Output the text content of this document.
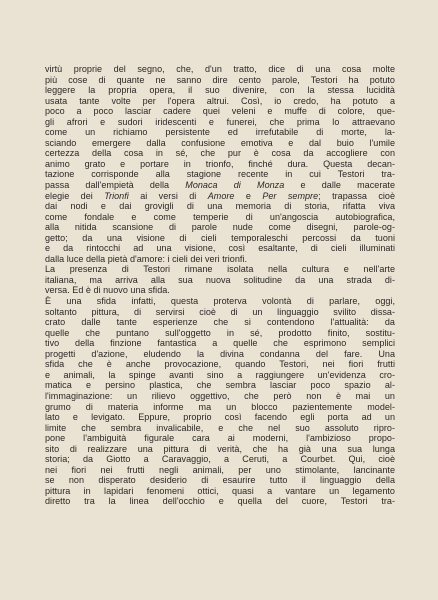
virtù proprie del segno, che, d'un tratto, dice di una cosa molte
più cose di quante ne sanno dire cento parole, Testori ha potuto
leggere la propria opera, il suo divenire, con la stessa lucidità
usata tante volte per l'opera altrui. Così, io credo, ha potuto a
poco a poco lasciar cadere quei veleni e muffe di colore, que-
gli afrori e sudori iridescenti e funerei, che prima lo attraevano
come un richiamo persistente ed irrefutabile di morte, la-
sciando emergere dalla confusione emotiva e dal buio l'umile
certezza della cosa in sé, che pur è cosa da accogliere con
animo grato e portare in trionfo, finché dura. Questa decan-
tazione corrisponde alla stagione recente in cui Testori tra-
passa dall'empietà della Monaca di Monza e dalle macerate
elegie dei Trionfi ai versi di Amore e Per sempre; trapassa cioè
dai nodi e dai grovigli di una memoria di storia, rifatta viva
come fondale e come temperie di un'angoscia autobiografica,
alla nitida scansione di parole nude come disegni, parole-og-
getto; da una visione di cieli temporaleschi percossi da tuoni
e da rintocchi ad una visione, così esaltante, di cieli illuminati
dalla luce della pietà d'amore: i cieli dei veri trionfi.
La presenza di Testori rimane isolata nella cultura e nell'arte
italiana, ma arriva alla sua nuova solitudine da una strada di-
versa. Ed è di nuovo una sfida.
È una sfida infatti, questa proterva volontà di parlare, oggi,
soltanto pittura, di servirsi cioè di un linguaggio svilito dissa-
crato dalle tante esperienze che si contendono l'attualità: da
quelle che puntano sull'oggetto in sé, prodotto finito, sostitu-
tivo della finzione fantastica a quelle che esprimono semplici
progetti d'azione, eludendo la divina condanna del fare. Una
sfida che è anche provocazione, quando Testori, nei fiori frutti
e animali, la spinge avanti sino a raggiungere un'evidenza cro-
matica e persino plastica, che sembra lasciar poco spazio al-
l'immaginazione: un rilievo oggettivo, che però non è mai un
grumo di materia informe ma un blocco pazientemente model-
lato e levigato. Eppure, proprio così facendo egli porta ad un
limite che sembra invalicabile, e che nel suo assoluto ripro-
pone l'ambiguità figurale cara ai moderni, l'ambizioso propo-
sito di realizzare una pittura di verità, che ha già una sua lunga
storia; da Giotto a Caravaggio, a Ceruti, a Courbet. Qui, cioè
nei fiori nei frutti negli animali, per uno stimolante, lancinante
se non disperato desiderio di esaurire tutto il linguaggio della
pittura in lapidari fenomeni ottici, quasi a vantare un legamento
diretto tra la linea dell'occhio e quella del cuore, Testori tra-
